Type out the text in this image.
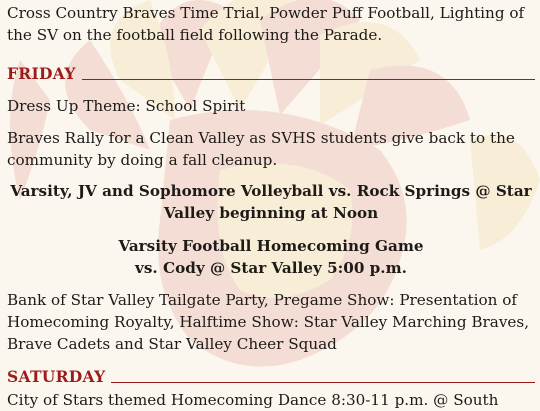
Cross Country Braves Time Trial, Powder Puff Football, Lighting of the SV on the football field following the Parade.

FRIDAY

Dress Up Theme: School Spirit

Braves Rally for a Clean Valley as SVHS students give back to the community by doing a fall cleanup.

Varsity, JV and Sophomore Volleyball vs. Rock Springs @ Star Valley beginning at Noon

Varsity Football Homecoming Game

vs. Cody @ Star Valley 5:00 p.m.

Bank of Star Valley Tailgate Party, Pregame Show: Presentation of Homecoming Royalty, Halftime Show: Star Valley Marching Braves, Brave Cadets and Star Valley Cheer Squad

SATURDAY

City of Stars themed Homecoming Dance 8:30-11 p.m. @ South
